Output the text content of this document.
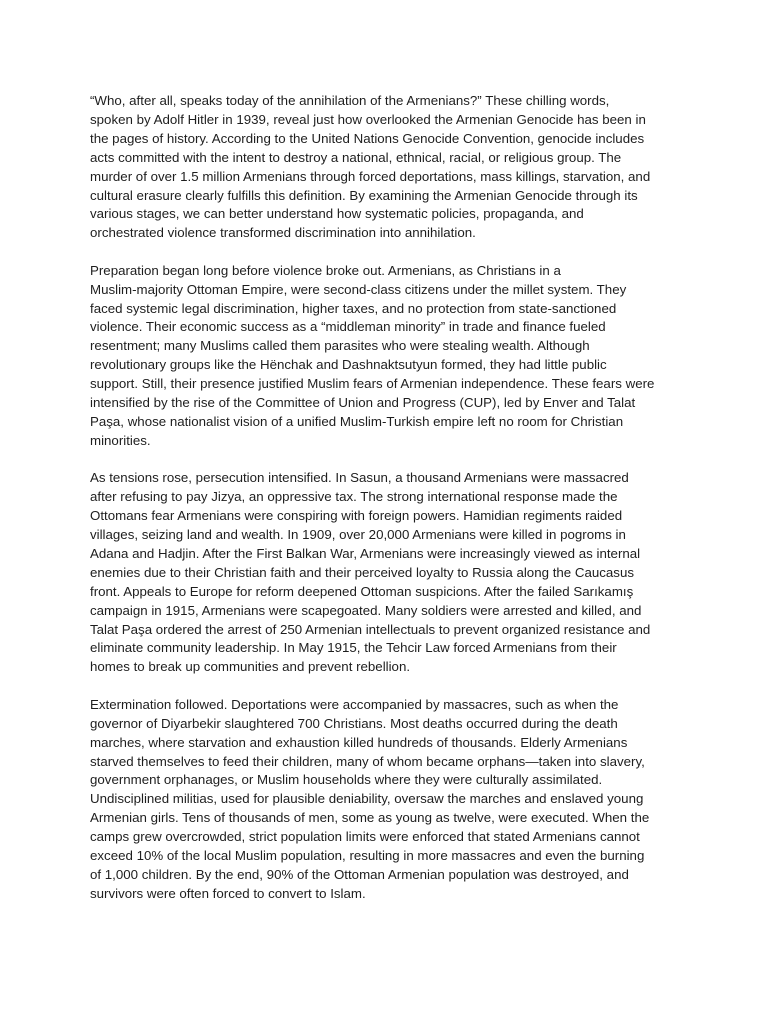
“Who, after all, speaks today of the annihilation of the Armenians?” These chilling words,
spoken by Adolf Hitler in 1939, reveal just how overlooked the Armenian Genocide has been in
the pages of history. According to the United Nations Genocide Convention, genocide includes
acts committed with the intent to destroy a national, ethnical, racial, or religious group. The
murder of over 1.5 million Armenians through forced deportations, mass killings, starvation, and
cultural erasure clearly fulfills this definition. By examining the Armenian Genocide through its
various stages, we can better understand how systematic policies, propaganda, and
orchestrated violence transformed discrimination into annihilation.

Preparation began long before violence broke out. Armenians, as Christians in a
Muslim-majority Ottoman Empire, were second-class citizens under the millet system. They
faced systemic legal discrimination, higher taxes, and no protection from state-sanctioned
violence. Their economic success as a “middleman minority” in trade and finance fueled
resentment; many Muslims called them parasites who were stealing wealth. Although
revolutionary groups like the Hënchak and Dashnaktsutyun formed, they had little public
support. Still, their presence justified Muslim fears of Armenian independence. These fears were
intensified by the rise of the Committee of Union and Progress (CUP), led by Enver and Talat
Paşa, whose nationalist vision of a unified Muslim-Turkish empire left no room for Christian
minorities.

As tensions rose, persecution intensified. In Sasun, a thousand Armenians were massacred
after refusing to pay Jizya, an oppressive tax. The strong international response made the
Ottomans fear Armenians were conspiring with foreign powers. Hamidian regiments raided
villages, seizing land and wealth. In 1909, over 20,000 Armenians were killed in pogroms in
Adana and Hadjin. After the First Balkan War, Armenians were increasingly viewed as internal
enemies due to their Christian faith and their perceived loyalty to Russia along the Caucasus
front. Appeals to Europe for reform deepened Ottoman suspicions. After the failed Sarıkamış
campaign in 1915, Armenians were scapegoated. Many soldiers were arrested and killed, and
Talat Paşa ordered the arrest of 250 Armenian intellectuals to prevent organized resistance and
eliminate community leadership. In May 1915, the Tehcir Law forced Armenians from their
homes to break up communities and prevent rebellion.

Extermination followed. Deportations were accompanied by massacres, such as when the
governor of Diyarbekir slaughtered 700 Christians. Most deaths occurred during the death
marches, where starvation and exhaustion killed hundreds of thousands. Elderly Armenians
starved themselves to feed their children, many of whom became orphans—taken into slavery,
government orphanages, or Muslim households where they were culturally assimilated.
Undisciplined militias, used for plausible deniability, oversaw the marches and enslaved young
Armenian girls. Tens of thousands of men, some as young as twelve, were executed. When the
camps grew overcrowded, strict population limits were enforced that stated Armenians cannot
exceed 10% of the local Muslim population, resulting in more massacres and even the burning
of 1,000 children. By the end, 90% of the Ottoman Armenian population was destroyed, and
survivors were often forced to convert to Islam.
